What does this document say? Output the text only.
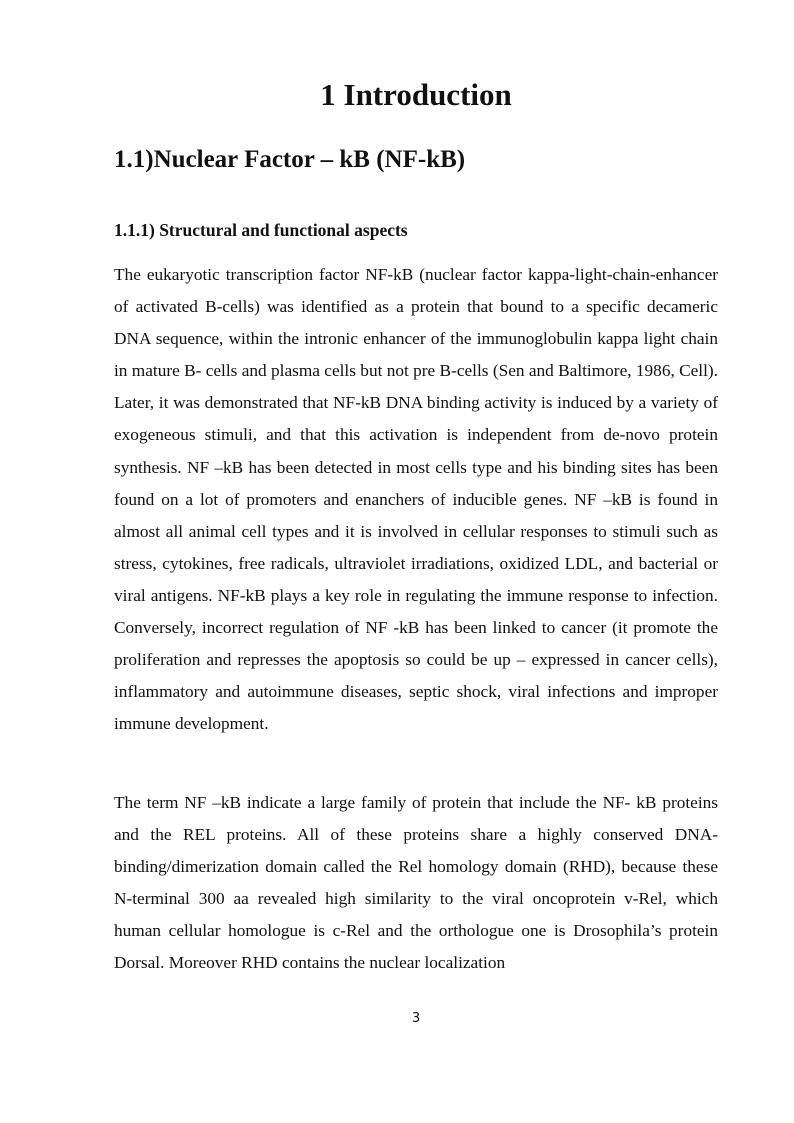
1 Introduction
1.1)Nuclear Factor – kB (NF-kB)
1.1.1) Structural and functional aspects

The eukaryotic transcription factor NF-kB (nuclear factor kappa-light-chain-enhancer of activated B-cells) was identified as a protein that bound to a specific decameric DNA sequence, within the intronic enhancer of the immunoglobulin kappa light chain in mature B- cells and plasma cells but not pre B-cells (Sen and Baltimore, 1986, Cell). Later, it was demonstrated that NF-kB DNA binding activity is induced by a variety of exogeneous stimuli, and that this activation is independent from de-novo protein synthesis. NF –kB has been detected in most cells type and his binding sites has been found on a lot of promoters and enanchers of inducible genes. NF –kB is found in almost all animal cell types and it is involved in cellular responses to stimuli such as stress, cytokines, free radicals, ultraviolet irradiations, oxidized LDL, and bacterial or viral antigens. NF-kB plays a key role in regulating the immune response to infection. Conversely, incorrect regulation of NF -kB has been linked to cancer (it promote the proliferation and represses the apoptosis so could be up – expressed in cancer cells), inflammatory and autoimmune diseases, septic shock, viral infections and improper immune development.

The term NF –kB indicate a large family of protein that include the NF- kB proteins and the REL proteins. All of these proteins share a highly conserved DNA-binding/dimerization domain called the Rel homology domain (RHD), because these N-terminal 300 aa revealed high similarity to the viral oncoprotein v-Rel, which human cellular homologue is c-Rel and the orthologue one is Drosophila’s protein Dorsal. Moreover RHD contains the nuclear localization

3
